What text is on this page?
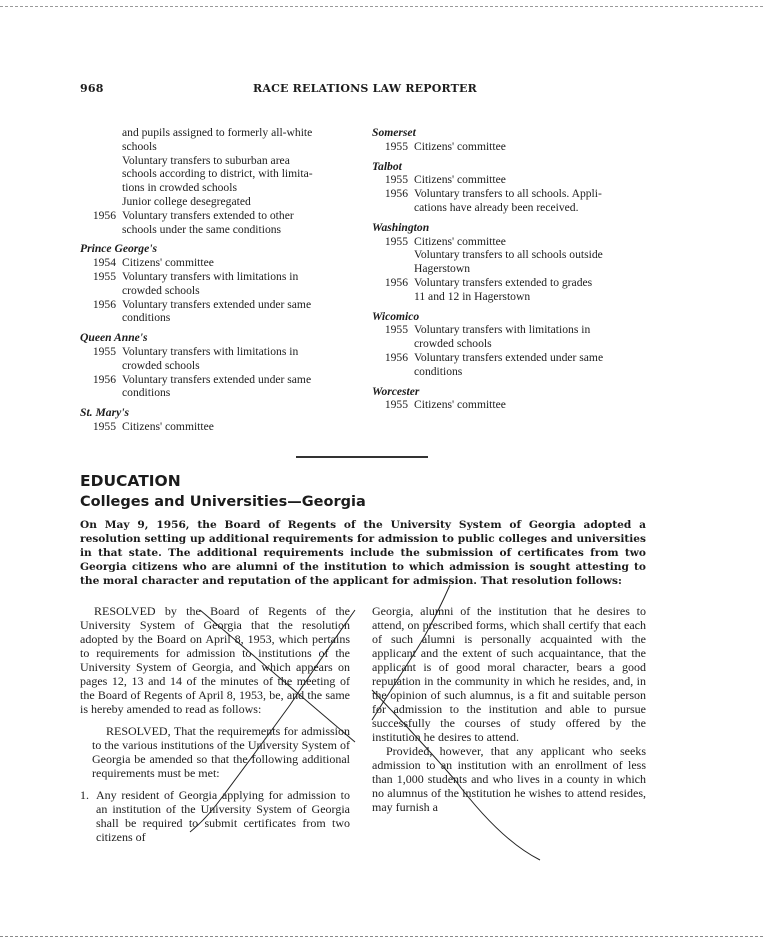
968	RACE RELATIONS LAW REPORTER
and pupils assigned to formerly all-white
schools
Voluntary transfers to suburban area
schools according to district, with limita-
tions in crowded schools
Junior college desegregated
1956 Voluntary transfers extended to other
schools under the same conditions
Prince George's
1954 Citizens' committee
1955 Voluntary transfers with limitations in
crowded schools
1956 Voluntary transfers extended under same
conditions
Queen Anne's
1955 Voluntary transfers with limitations in
crowded schools
1956 Voluntary transfers extended under same
conditions
St. Mary's
1955 Citizens' committee
Somerset
1955 Citizens' committee
Talbot
1955 Citizens' committee
1956 Voluntary transfers to all schools. Appli-
cations have already been received.
Washington
1955 Citizens' committee
Voluntary transfers to all schools outside
Hagerstown
1956 Voluntary transfers extended to grades
11 and 12 in Hagerstown
Wicomico
1955 Voluntary transfers with limitations in
crowded schools
1956 Voluntary transfers extended under same
conditions
Worcester
1955 Citizens' committee
EDUCATION
Colleges and Universities—Georgia
On May 9, 1956, the Board of Regents of the University System of Georgia adopted a resolution setting up additional requirements for admission to public colleges and universities in that state. The additional requirements include the submission of certificates from two Georgia citizens who are alumni of the institution to which admission is sought attesting to the moral character and reputation of the applicant for admission. That resolution follows:

RESOLVED by the Board of Regents of the University System of Georgia that the resolution adopted by the Board on April 8, 1953, which pertains to requirements for admission to institutions of the University System of Georgia, and which appears on pages 12, 13 and 14 of the minutes of the meeting of the Board of Regents of April 8, 1953, be, and the same is hereby amended to read as follows:

RESOLVED, That the requirements for admission to the various institutions of the University System of Georgia be amended so that the following additional requirements must be met:

1. Any resident of Georgia applying for admission to an institution of the University System of Georgia shall be required to submit certificates from two citizens of

Georgia, alumni of the institution that he desires to attend, on prescribed forms, which shall certify that each of such alumni is personally acquainted with the applicant and the extent of such acquaintance, that the applicant is of good moral character, bears a good reputation in the community in which he resides, and, in the opinion of such alumnus, is a fit and suitable person for admission to the institution and able to pursue successfully the courses of study offered by the institution he desires to attend.

Provided, however, that any applicant who seeks admission to an institution with an enrollment of less than 1,000 students and who lives in a county in which no alumnus of the institution he wishes to attend resides, may furnish a
